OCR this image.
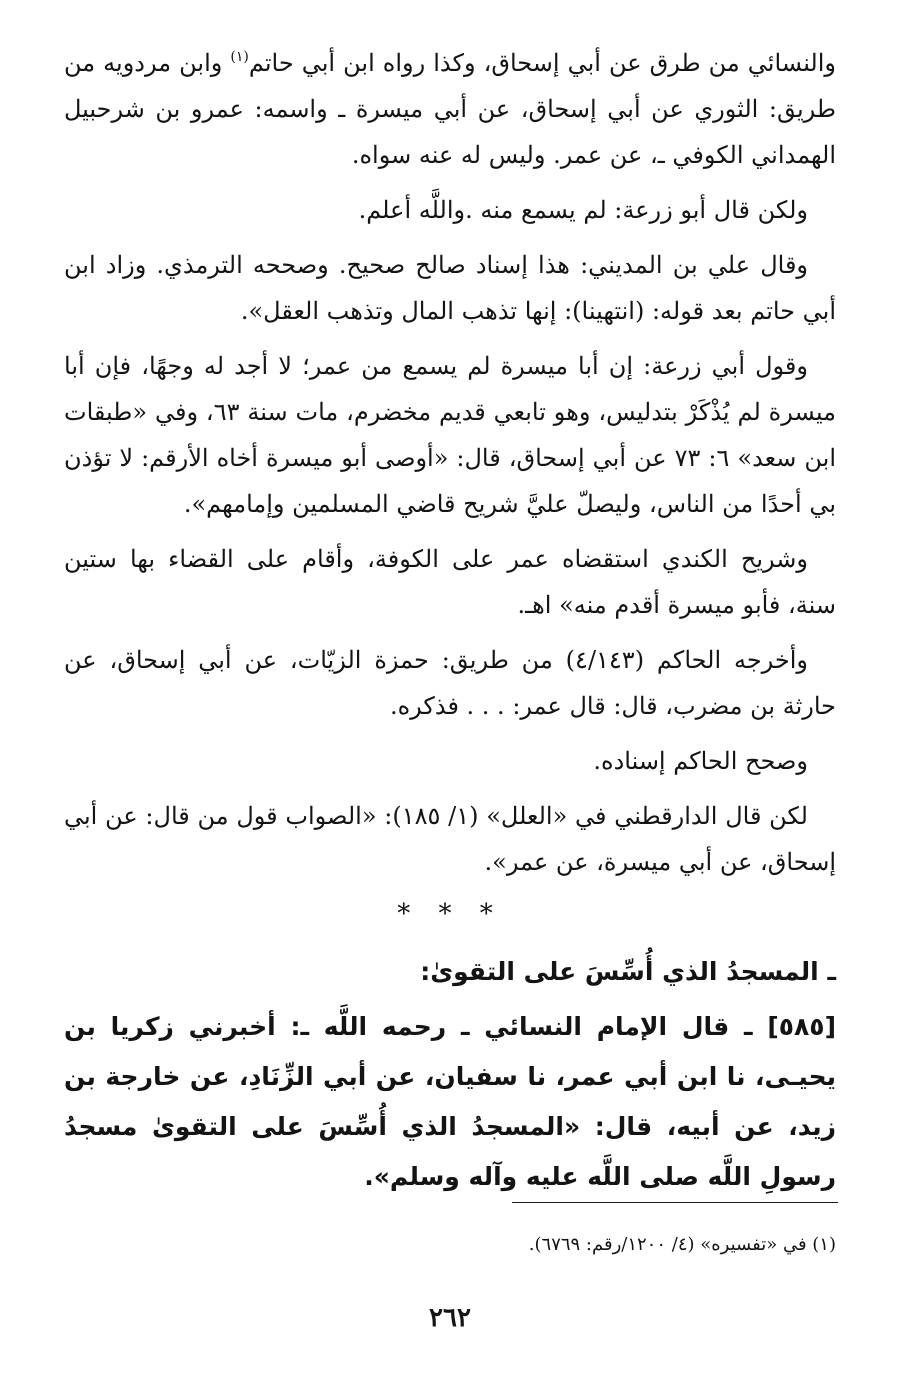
والنسائي من طرق عن أبي إسحاق، وكذا رواه ابن أبي حاتم$^{(١)}$ وابن مردويه من طريق: الثوري عن أبي إسحاق، عن أبي ميسرة ـ واسمه: عمرو بن شرحبيل الهمداني الكوفي ـ، عن عمر. وليس له عنه سواه.

ولكن قال أبو زرعة: لم يسمع منه .واللَّه أعلم.

وقال علي بن المديني: هذا إسناد صالح صحيح. وصححه الترمذي. وزاد ابن أبي حاتم بعد قوله: (انتهينا): إنها تذهب المال وتذهب العقل».

وقول أبي زرعة: إن أبا ميسرة لم يسمع من عمر؛ لا أجد له وجهًا، فإن أبا ميسرة لم يُذْكَرْ بتدليس، وهو تابعي قديم مخضرم، مات سنة ٦٣، وفي «طبقات ابن سعد» ٦: ٧٣ عن أبي إسحاق، قال: «أوصى أبو ميسرة أخاه الأرقم: لا تؤذن بي أحدًا من الناس، وليصلّ عليَّ شريح قاضي المسلمين وإمامهم».

وشريح الكندي استقضاه عمر على الكوفة، وأقام على القضاء بها ستين سنة، فأبو ميسرة أقدم منه» اهـ.

وأخرجه الحاكم (٤/١٤٣) من طريق: حمزة الزيّات، عن أبي إسحاق، عن حارثة بن مضرب، قال: قال عمر: . . . فذكره.

وصحح الحاكم إسناده.

لكن قال الدارقطني في «العلل» (١/ ١٨٥): «الصواب قول من قال: عن أبي إسحاق، عن أبي ميسرة، عن عمر».

* * *

ـ المسجدُ الذي أُسِّسَ على التقوىٰ:

[٥٨٥] ـ قال الإمام النسائي ـ رحمه اللَّه ـ: أخبرني زكريا بن يحيـى، نا ابن أبي عمر، نا سفيان، عن أبي الزِّنَادِ، عن خارجة بن زيد، عن أبيه، قال: «المسجدُ الذي أُسِّسَ على التقوىٰ مسجدُ رسولِ اللَّه صلى اللَّه عليه وآله وسلم».

(١) في «تفسيره» (٤/ ١٢٠٠/رقم: ٦٧٦٩).
٢٦٢
